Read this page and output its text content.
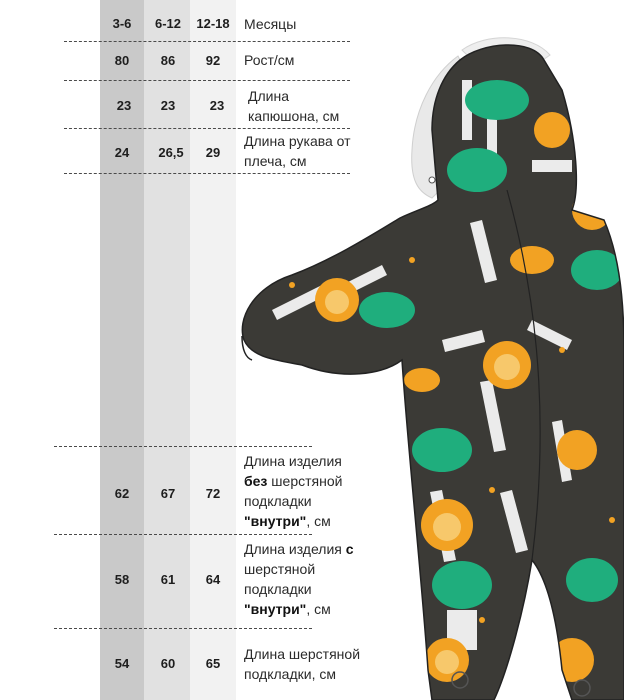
3-6	6-12	12-18	Месяцы
80	86	92	Рост/см
23	23	23
Длина
капюшона, см
24	26,5	29
Длина рукава от
плеча, см
62	67	72
Длина изделия
без шерстяной
подкладки
"внутри", см
58	61	64
Длина изделия с
шерстяной
подкладки
"внутри", см
54	60	65
Длина шерстяной
подкладки, см
